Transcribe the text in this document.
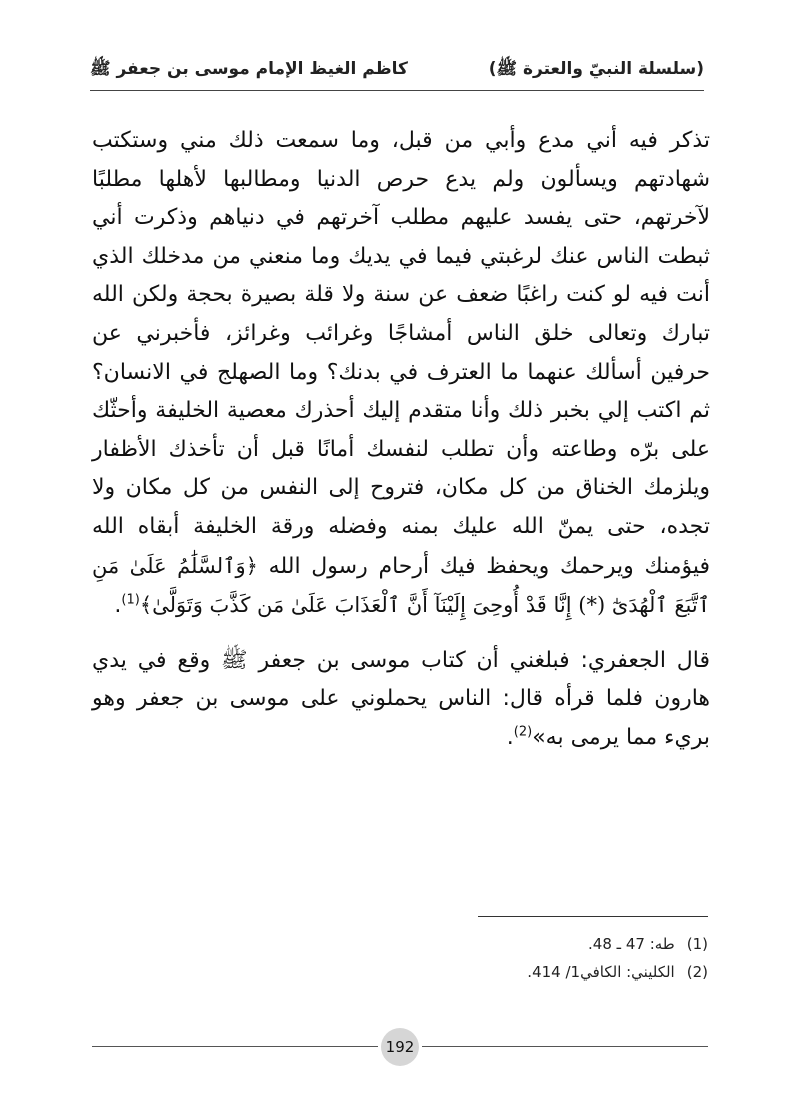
(سلسلة النبيّ والعترة ﷺ)
كاظم الغيظ الإمام موسى بن جعفر ﷺ

تذكر فيه أني مدع وأبي من قبل، وما سمعت ذلك مني وستكتب شهادتهم ويسألون ولم يدع حرص الدنيا ومطالبها لأهلها مطلبًا لآخرتهم، حتى يفسد عليهم مطلب آخرتهم في دنياهم وذكرت أني ثبطت الناس عنك لرغبتي فيما في يديك وما منعني من مدخلك الذي أنت فيه لو كنت راغبًا ضعف عن سنة ولا قلة بصيرة بحجة ولكن الله تبارك وتعالى خلق الناس أمشاجًا وغرائب وغرائز، فأخبرني عن حرفين أسألك عنهما ما العترف في بدنك؟ وما الصهلج في الانسان؟ ثم اكتب إلي بخبر ذلك وأنا متقدم إليك أحذرك معصية الخليفة وأحثّك على برّه وطاعته وأن تطلب لنفسك أمانًا قبل أن تأخذك الأظفار ويلزمك الخناق من كل مكان، فتروح إلى النفس من كل مكان ولا تجده، حتى يمنّ الله عليك بمنه وفضله ورقة الخليفة أبقاه الله فيؤمنك ويرحمك ويحفظ فيك أرحام رسول الله ﴿وَٱلسَّلَٰمُ عَلَىٰ مَنِ ٱتَّبَعَ ٱلْهُدَىٰٓ (*) إِنَّا قَدْ أُوحِىَ إِلَيْنَآ أَنَّ ٱلْعَذَابَ عَلَىٰ مَن كَذَّبَ وَتَوَلَّىٰ﴾$^{(1)}$.

قال الجعفري: فبلغني أن كتاب موسى بن جعفر ﷺ وقع في يدي هارون فلما قرأه قال: الناس يحملوني على موسى بن جعفر وهو بريء مما يرمى به»$^{(2)}$.

(1)طه: 47 ـ 48.
(2)الكليني: الكافي1/ 414.
192
